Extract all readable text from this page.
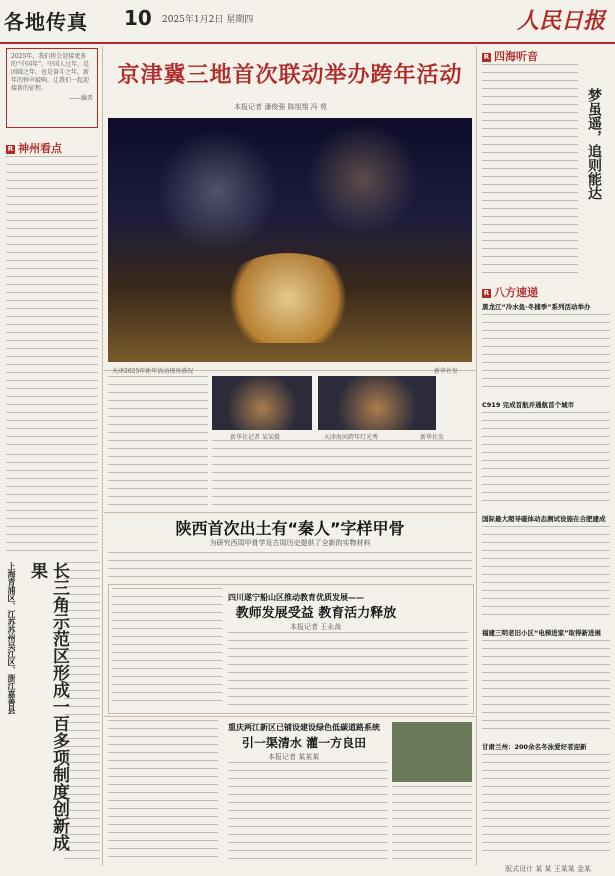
各地传真 10 2025年1月2日 星期四	人民日报
2025年，我们将会迎接更多的“中国年”。中国人过年，是团圆之年，也是奋斗之年。新年的钟声敲响，让我们一起迎接新的征程。
——编者
R 神州看点
京津冀三地首次联动举办跨年活动
本报记者 潘俊强 陈旭翔 冯 苑
天津2025年新年活动现场盛况	新华社发
新华社记者 某某摄	天津海河跨年灯光秀	新华社发
上海青浦区、江苏苏州吴江区、浙江嘉善县	长三角示范区形成一百多项制度创新成果
陕西首次出土有“秦人”字样甲骨
为研究西周甲骨学及古周历史提供了全新的实物材料
四川遂宁船山区推动教育优质发展——
教师发展受益 教育活力释放
本报记者 王永战
重庆两江新区已铺设建设绿色低碳道路系统
引一渠清水 灌一方良田
本报记者 某某某
R 四海听音
梦虽遥，追则能达
R 八方速递
黑龙江“冷水鱼·冬捕季”系列活动举办
C919 完成首航并通航首个城市
国际最大超导磁体动态测试设施在合肥建成
福建三明老旧小区“电梯进家”取得新进展
甘肃兰州：200余名冬泳爱好者迎新
版式设计 某 某 王某某 金某
